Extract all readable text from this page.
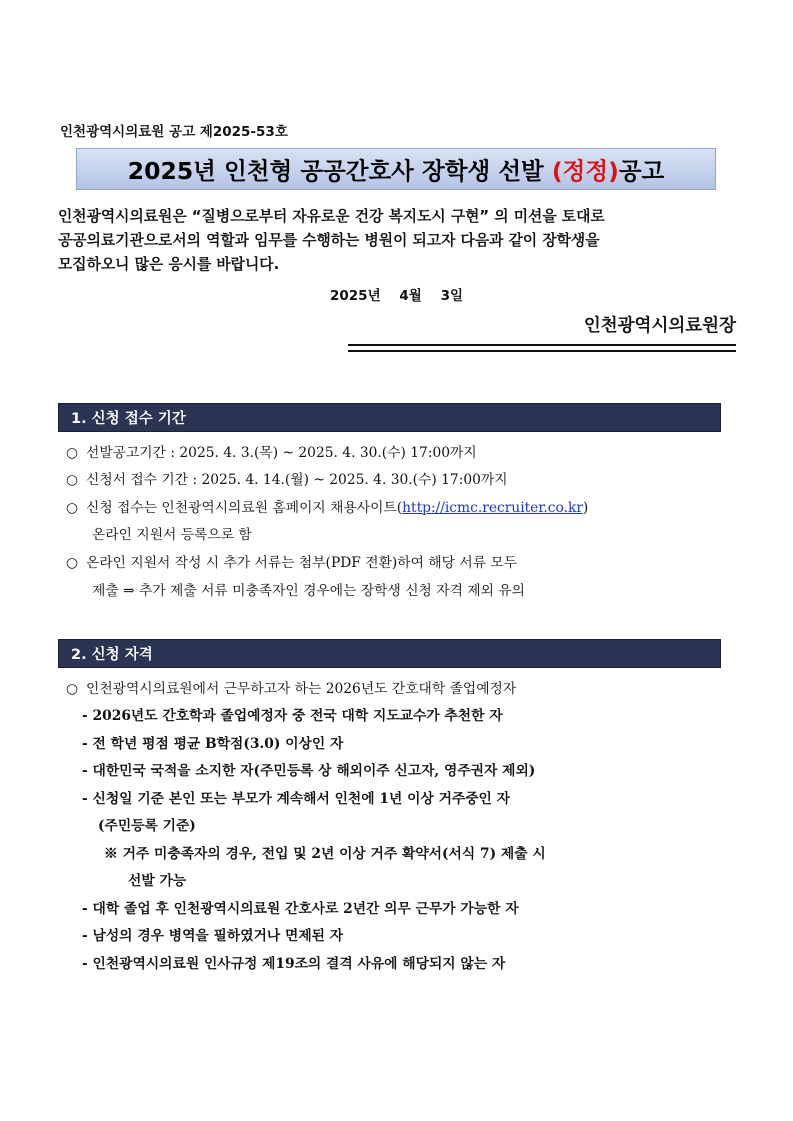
인천광역시의료원 공고 제2025-53호
2025년 인천형 공공간호사 장학생 선발 (정정) 공고
인천광역시의료원은 “질병으로부터 자유로운 건강 복지도시 구현” 의 미션을 토대로
공공의료기관으로서의 역할과 임무를 수행하는 병원이 되고자 다음과 같이 장학생을
모집하오니 많은 응시를 바랍니다.
2025년    4월    3일
인천광역시의료원장
1. 신청 접수 기간
○ 선발공고기간 : 2025. 4. 3.(목) ~ 2025. 4. 30.(수) 17:00까지
○ 신청서 접수 기간 : 2025. 4. 14.(월) ~ 2025. 4. 30.(수) 17:00까지
○ 신청 접수는 인천광역시의료원 홈페이지 채용사이트(http://icmc.recruiter.co.kr)
온라인 지원서 등록으로 함
○ 온라인 지원서 작성 시 추가 서류는 첨부(PDF 전환)하여 해당 서류 모두
제출 ⇒ 추가 제출 서류 미충족자인 경우에는 장학생 신청 자격 제외 유의
2. 신청 자격
○ 인천광역시의료원에서 근무하고자 하는 2026년도 간호대학 졸업예정자
- 2026년도 간호학과 졸업예정자 중 전국 대학 지도교수가 추천한 자
- 전 학년 평점 평균 B학점(3.0) 이상인 자
- 대한민국 국적을 소지한 자(주민등록 상 해외이주 신고자, 영주권자 제외)
- 신청일 기준 본인 또는 부모가 계속해서 인천에 1년 이상 거주중인 자
(주민등록 기준)
※ 거주 미충족자의 경우, 전입 및 2년 이상 거주 확약서(서식 7) 제출 시
선발 가능
- 대학 졸업 후 인천광역시의료원 간호사로 2년간 의무 근무가 가능한 자
- 남성의 경우 병역을 필하였거나 면제된 자
- 인천광역시의료원 인사규정 제19조의 결격 사유에 해당되지 않는 자
